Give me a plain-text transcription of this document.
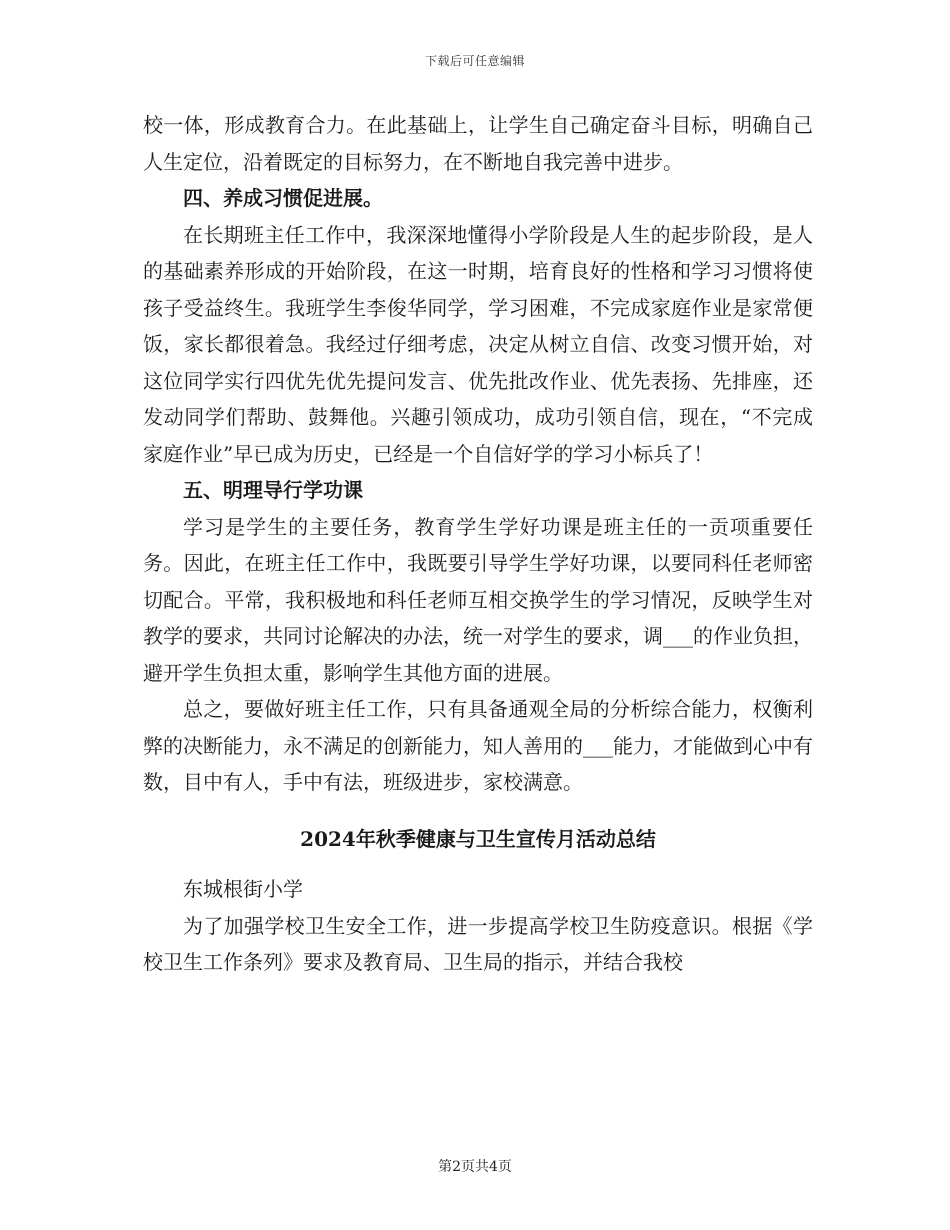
下载后可任意编辑

校一体，形成教育合力。在此基础上，让学生自己确定奋斗目标，明确自己人生定位，沿着既定的目标努力，在不断地自我完善中进步。

四、养成习惯促进展。

在长期班主任工作中，我深深地懂得小学阶段是人生的起步阶段，是人的基础素养形成的开始阶段，在这一时期，培育良好的性格和学习习惯将使孩子受益终生。我班学生李俊华同学，学习困难，不完成家庭作业是家常便饭，家长都很着急。我经过仔细考虑，决定从树立自信、改变习惯开始，对这位同学实行四优先优先提问发言、优先批改作业、优先表扬、先排座，还发动同学们帮助、鼓舞他。兴趣引领成功，成功引领自信，现在，“不完成家庭作业”早已成为历史，已经是一个自信好学的学习小标兵了！

五、明理导行学功课

学习是学生的主要任务，教育学生学好功课是班主任的一贡项重要任务。因此，在班主任工作中，我既要引导学生学好功课，以要同科任老师密切配合。平常，我积极地和科任老师互相交换学生的学习情况，反映学生对教学的要求，共同讨论解决的办法，统一对学生的要求，调___的作业负担，避开学生负担太重，影响学生其他方面的进展。

总之，要做好班主任工作，只有具备通观全局的分析综合能力，权衡利弊的决断能力，永不满足的创新能力，知人善用的___能力，才能做到心中有数，目中有人，手中有法，班级进步，家校满意。

2024年秋季健康与卫生宣传月活动总结

东城根街小学

为了加强学校卫生安全工作，进一步提高学校卫生防疫意识。根据《学校卫生工作条列》要求及教育局、卫生局的指示，并结合我校

第2页共4页
